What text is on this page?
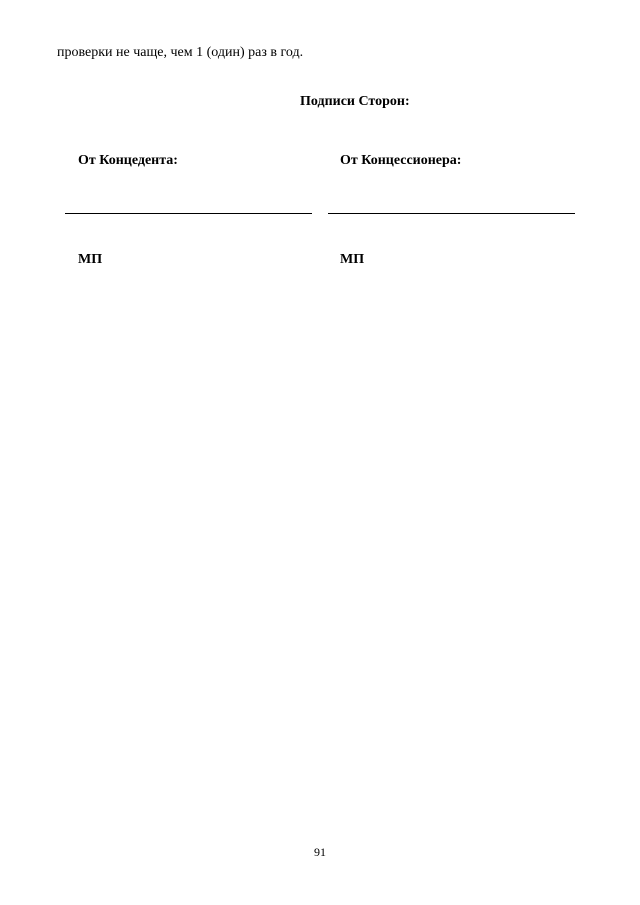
проверки не чаще, чем 1 (один) раз в год.
Подписи Сторон:
От Концедента:	От Концессионера:
МП	МП
91
